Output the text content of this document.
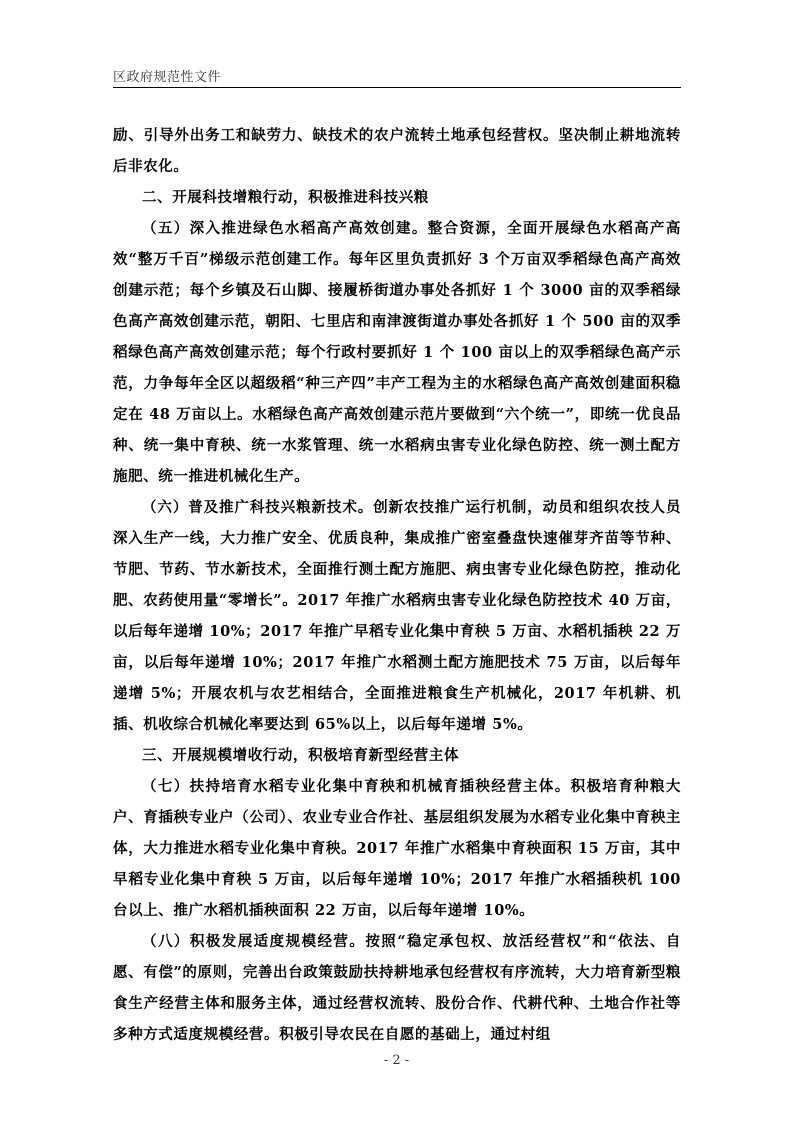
区政府规范性文件

励、引导外出务工和缺劳力、缺技术的农户流转土地承包经营权。坚决制止耕地流转后非农化。

二、开展科技增粮行动，积极推进科技兴粮

（五）深入推进绿色水稻高产高效创建。整合资源，全面开展绿色水稻高产高效“整万千百”梯级示范创建工作。每年区里负责抓好 3 个万亩双季稻绿色高产高效创建示范；每个乡镇及石山脚、接履桥街道办事处各抓好 1 个 3000 亩的双季稻绿色高产高效创建示范，朝阳、七里店和南津渡街道办事处各抓好 1 个 500 亩的双季稻绿色高产高效创建示范；每个行政村要抓好 1 个 100 亩以上的双季稻绿色高产示范，力争每年全区以超级稻“种三产四”丰产工程为主的水稻绿色高产高效创建面积稳定在 48 万亩以上。水稻绿色高产高效创建示范片要做到“六个统一”，即统一优良品种、统一集中育秧、统一水浆管理、统一水稻病虫害专业化绿色防控、统一测土配方施肥、统一推进机械化生产。

（六）普及推广科技兴粮新技术。创新农技推广运行机制，动员和组织农技人员深入生产一线，大力推广安全、优质良种，集成推广密室叠盘快速催芽齐苗等节种、节肥、节药、节水新技术，全面推行测土配方施肥、病虫害专业化绿色防控，推动化肥、农药使用量“零增长”。2017 年推广水稻病虫害专业化绿色防控技术 40 万亩，以后每年递增 10%；2017 年推广早稻专业化集中育秧 5 万亩、水稻机插秧 22 万亩，以后每年递增 10%；2017 年推广水稻测土配方施肥技术 75 万亩，以后每年递增 5%；开展农机与农艺相结合，全面推进粮食生产机械化，2017 年机耕、机插、机收综合机械化率要达到 65%以上，以后每年递增 5%。

三、开展规模增收行动，积极培育新型经营主体

（七）扶持培育水稻专业化集中育秧和机械育插秧经营主体。积极培育种粮大户、育插秧专业户（公司）、农业专业合作社、基层组织发展为水稻专业化集中育秧主体，大力推进水稻专业化集中育秧。2017 年推广水稻集中育秧面积 15 万亩，其中早稻专业化集中育秧 5 万亩，以后每年递增 10%；2017 年推广水稻插秧机 100 台以上、推广水稻机插秧面积 22 万亩，以后每年递增 10%。

（八）积极发展适度规模经营。按照“稳定承包权、放活经营权”和“依法、自愿、有偿”的原则，完善出台政策鼓励扶持耕地承包经营权有序流转，大力培育新型粮食生产经营主体和服务主体，通过经营权流转、股份合作、代耕代种、土地合作社等多种方式适度规模经营。积极引导农民在自愿的基础上，通过村组

- 2 -
